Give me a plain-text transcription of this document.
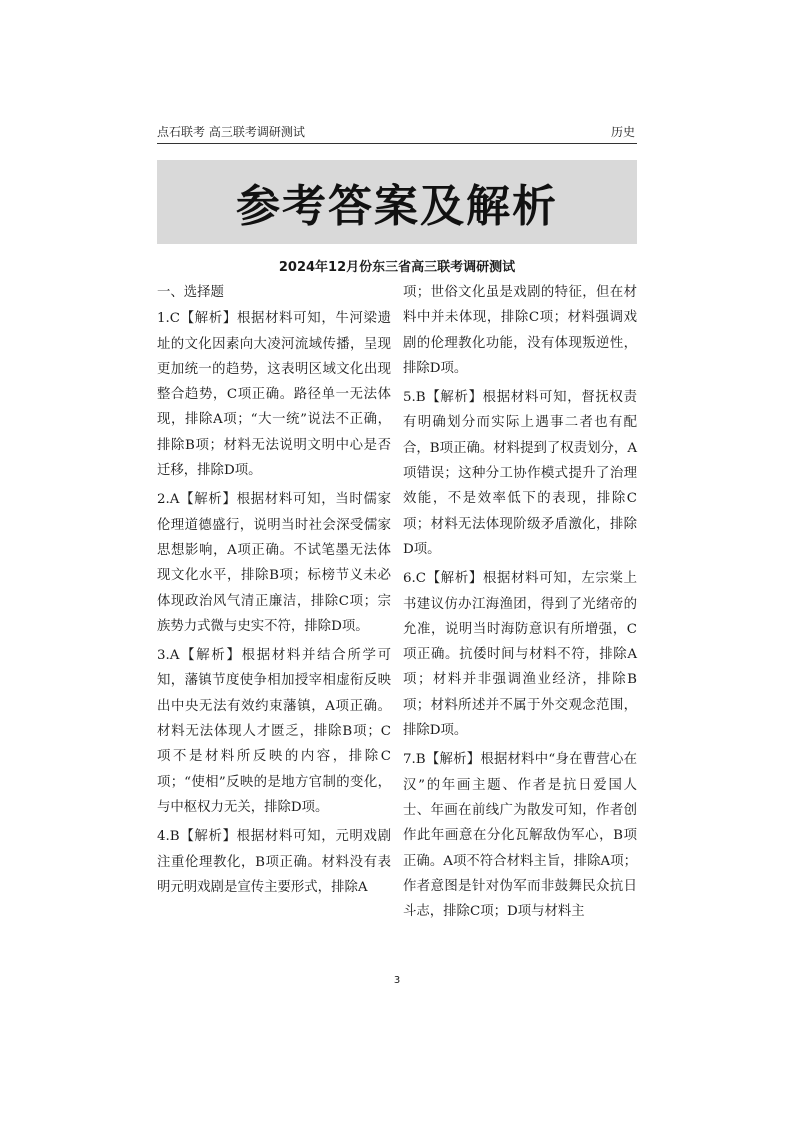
点石联考 高三联考调研测试	历史
参考答案及解析
2024年12月份东三省高三联考调研测试

一、选择题

1.C【解析】根据材料可知，牛河梁遗址的文化因素向大凌河流域传播，呈现更加统一的趋势，这表明区域文化出现整合趋势，C项正确。路径单一无法体现，排除A项；“大一统”说法不正确，排除B项；材料无法说明文明中心是否迁移，排除D项。

2.A【解析】根据材料可知，当时儒家伦理道德盛行，说明当时社会深受儒家思想影响，A项正确。不试笔墨无法体现文化水平，排除B项；标榜节义未必体现政治风气清正廉洁，排除C项；宗族势力式微与史实不符，排除D项。

3.A【解析】根据材料并结合所学可知，藩镇节度使争相加授宰相虚衔反映出中央无法有效约束藩镇，A项正确。材料无法体现人才匮乏，排除B项；C项不是材料所反映的内容，排除C项；“使相”反映的是地方官制的变化，与中枢权力无关，排除D项。

4.B【解析】根据材料可知，元明戏剧注重伦理教化，B项正确。材料没有表明元明戏剧是宣传主要形式，排除A

项；世俗文化虽是戏剧的特征，但在材料中并未体现，排除C项；材料强调戏剧的伦理教化功能，没有体现叛逆性，排除D项。

5.B【解析】根据材料可知，督抚权责有明确划分而实际上遇事二者也有配合，B项正确。材料提到了权责划分，A项错误；这种分工协作模式提升了治理效能，不是效率低下的表现，排除C项；材料无法体现阶级矛盾激化，排除D项。

6.C【解析】根据材料可知，左宗棠上书建议仿办江海渔团，得到了光绪帝的允准，说明当时海防意识有所增强，C项正确。抗倭时间与材料不符，排除A项；材料并非强调渔业经济，排除B项；材料所述并不属于外交观念范围，排除D项。

7.B【解析】根据材料中“身在曹营心在汉”的年画主题、作者是抗日爱国人士、年画在前线广为散发可知，作者创作此年画意在分化瓦解敌伪军心，B项正确。A项不符合材料主旨，排除A项；作者意图是针对伪军而非鼓舞民众抗日斗志，排除C项；D项与材料主

3
